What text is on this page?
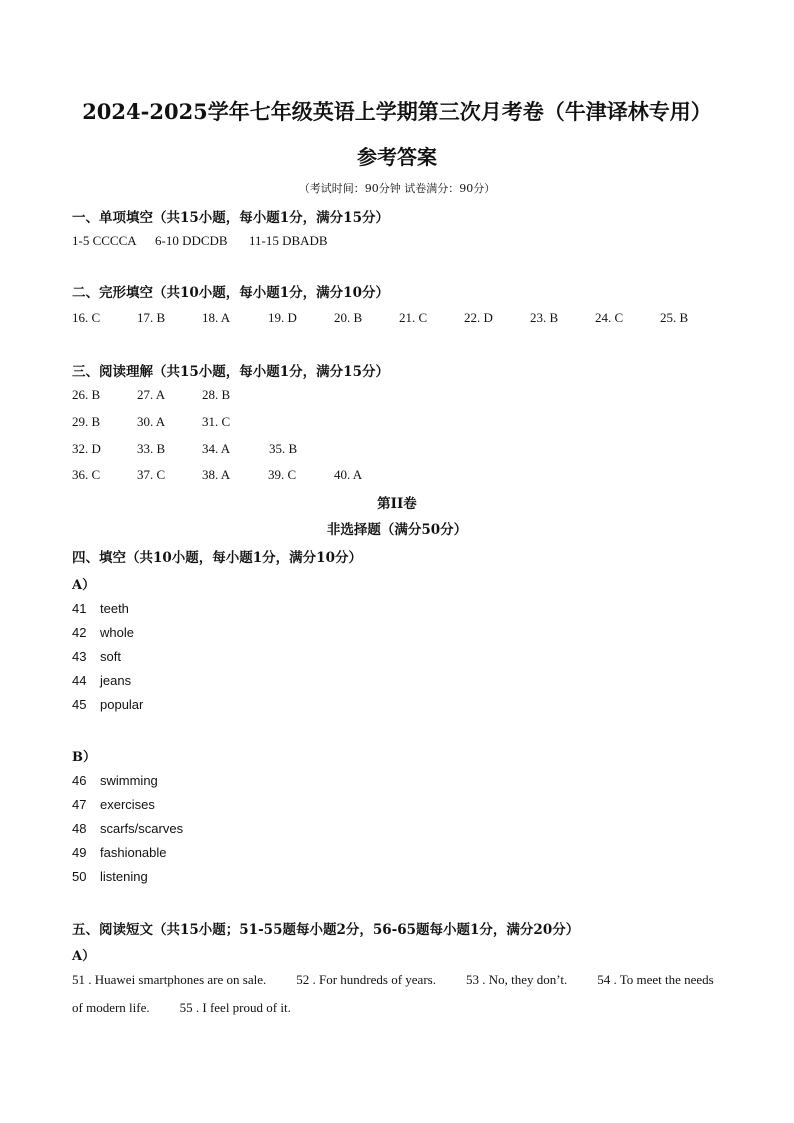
2024-2025学年七年级英语上学期第三次月考卷（牛津译林专用）
参考答案
（考试时间：90分钟 试卷满分：90分）
一、单项填空（共15小题，每小题1分，满分15分）
1-5 CCCCA 6-10 DDCDB 11-15 DBADB
二、完形填空（共10小题，每小题1分，满分10分）
16. C	17. B	18. A	19. D	20. B	21. C	22. D	23. B	24. C	25. B
三、阅读理解（共15小题，每小题1分，满分15分）
26. B	27. A	28. B
29. B	30. A	31. C
32. D	33. B	34. A	35. B
36. C	37. C	38. A	39. C	40. A
第II卷
非选择题（满分50分）
四、填空（共10小题，每小题1分，满分10分）
A）
41 teeth
42 whole
43 soft
44 jeans
45 popular
B）
46 swimming
47 exercises
48 scarfs/scarves
49 fashionable
50 listening
五、阅读短文（共15小题；51-55题每小题2分，56-65题每小题1分，满分20分）
A）
51 . Huawei smartphones are on sale. 52 . For hundreds of years. 53 . No, they don’t. 54 . To meet the needs of modern life. 55 . I feel proud of it.
